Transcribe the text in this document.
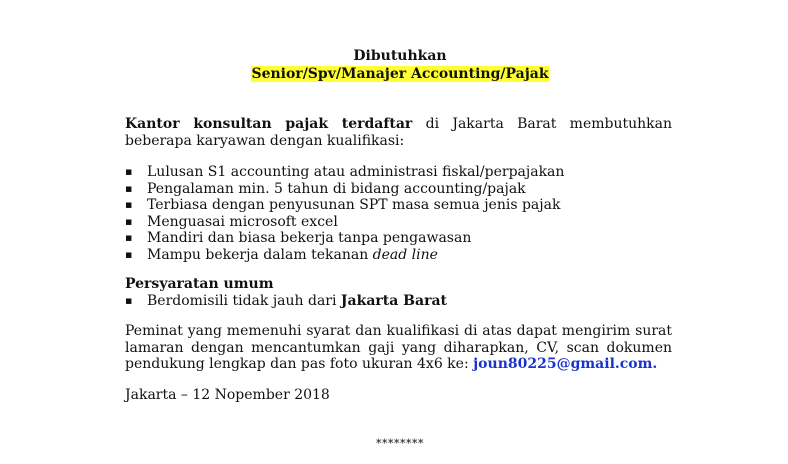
Dibutuhkan
Senior/Spv/Manajer Accounting/Pajak

Kantor konsultan pajak terdaftar di Jakarta Barat membutuhkan beberapa karyawan dengan kualifikasi:

▪ Lulusan S1 accounting atau administrasi fiskal/perpajakan
▪ Pengalaman min. 5 tahun di bidang accounting/pajak
▪ Terbiasa dengan penyusunan SPT masa semua jenis pajak
▪ Menguasai microsoft excel
▪ Mandiri dan biasa bekerja tanpa pengawasan
▪ Mampu bekerja dalam tekanan dead line
Persyaratan umum
▪ Berdomisili tidak jauh dari Jakarta Barat

Peminat yang memenuhi syarat dan kualifikasi di atas dapat mengirim surat lamaran dengan mencantumkan gaji yang diharapkan, CV, scan dokumen pendukung lengkap dan pas foto ukuran 4x6 ke: joun80225@gmail.com.

Jakarta – 12 Nopember 2018
********
